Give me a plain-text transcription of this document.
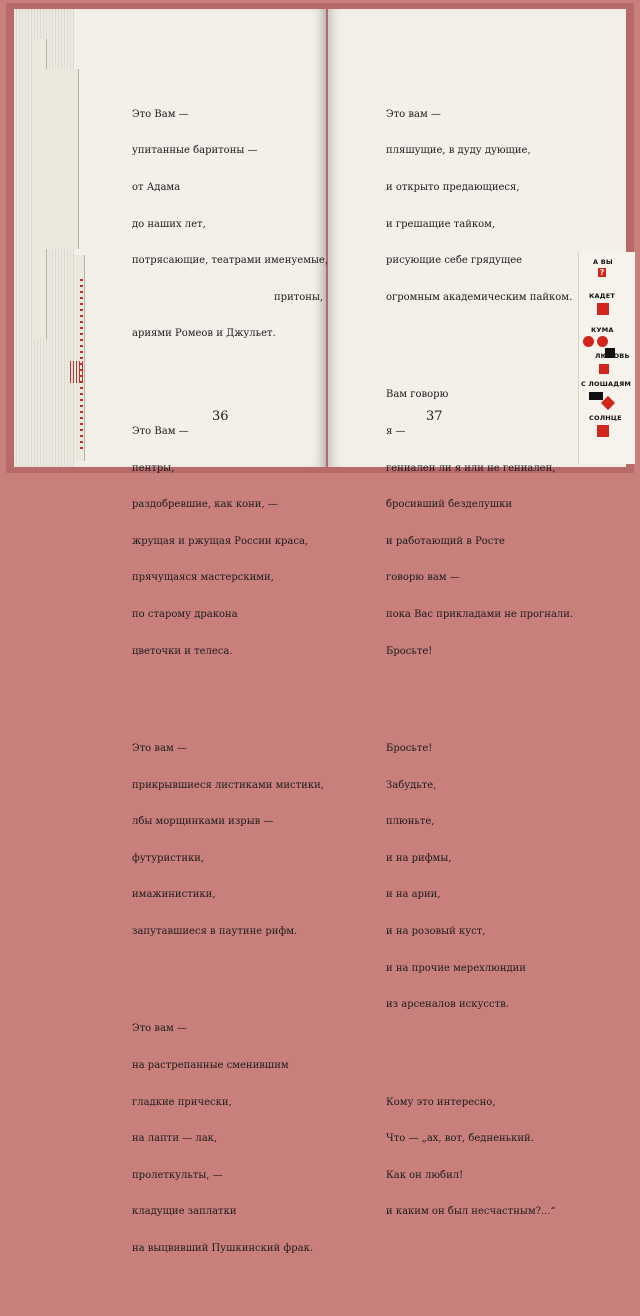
Это Вам —

упитанные баритоны —

от Адама

до наших лет,

потрясающие, театрами именуемые,

притоны,

ариями Ромеов и Джульет.

Это Вам —

пентры,

раздобревшие, как кони, —

жрущая и ржущая России краса,

прячущаяся мастерскими,

по старому дракона

цветочки и телеса.

Это вам —

прикрывшиеся листиками мистики,

лбы морщинками изрыв —

футуристики,

имажинистики,

запутавшиеся в паутине рифм.

Это вам —

на растрепанные сменившим

гладкие прически,

на лапти — лак,

пролеткульты, —

кладущие заплатки

на выцвивший Пушкинский фрак.

36

Это вам —

пляшущие, в дуду дующие,

и открыто предающиеся,

и грешащие тайком,

рисующие себе грядущее

огромным академическим пайком.

Вам говорю

я —

гениален ли я или не гениален,

бросивший безделушки

и работающий в Росте

говорю вам —

пока Вас прикладами не прогнали.

Бросьте!

Бросьте!

Забудьте,

плюньте,

и на рифмы,

и на арии,

и на розовый куст,

и на прочие мерехлюндии

из арсеналов искусств.

Кому это интересно,

Что — „ах, вот, бедненький.

Как он любил!

и каким он был несчастным?...“

37
А ВЫ
?
КАДЕТ
КУМА
ЛЮБОВЬ
С ЛОШАДЯМ
СОЛНЦЕ
